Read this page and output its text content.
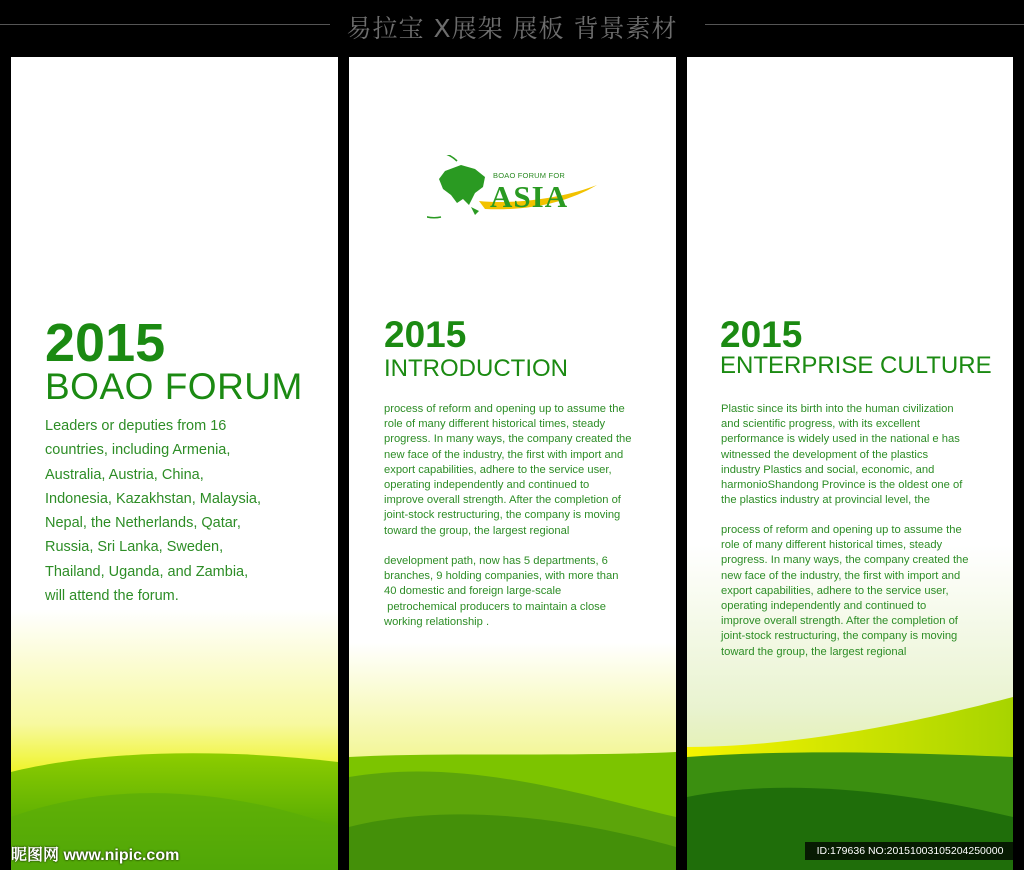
易拉宝 X展架 展板 背景素材
2015
BOAO FORUM
Leaders or deputies from 16
countries, including Armenia,
Australia, Austria, China,
Indonesia, Kazakhstan, Malaysia,
Nepal, the Netherlands, Qatar,
Russia, Sri Lanka, Sweden,
Thailand, Uganda, and Zambia,
will attend the forum.
昵图网 www.nipic.com
BOAO FORUM FOR
ASIA
2015
INTRODUCTION
process of reform and opening up to assume the
role of many different historical times, steady
progress. In many ways, the company created the
new face of the industry, the first with import and
export capabilities, adhere to the service user,
operating independently and continued to
improve overall strength. After the completion of
joint-stock restructuring, the company is moving
toward the group, the largest regional
development path, now has 5 departments, 6
branches, 9 holding companies, with more than
40 domestic and foreign large-scale
petrochemical producers to maintain a close
working relationship .
2015
ENTERPRISE CULTURE
Plastic since its birth into the human civilization
and scientific progress, with its excellent
performance is widely used in the national e has
witnessed the development of the plastics
industry Plastics and social, economic, and
harmonioShandong Province is the oldest one of
the plastics industry at provincial level, the
process of reform and opening up to assume the
role of many different historical times, steady
progress. In many ways, the company created the
new face of the industry, the first with import and
export capabilities, adhere to the service user,
operating independently and continued to
improve overall strength. After the completion of
joint-stock restructuring, the company is moving
toward the group, the largest regional
ID:179636 NO:20151003105204250000
